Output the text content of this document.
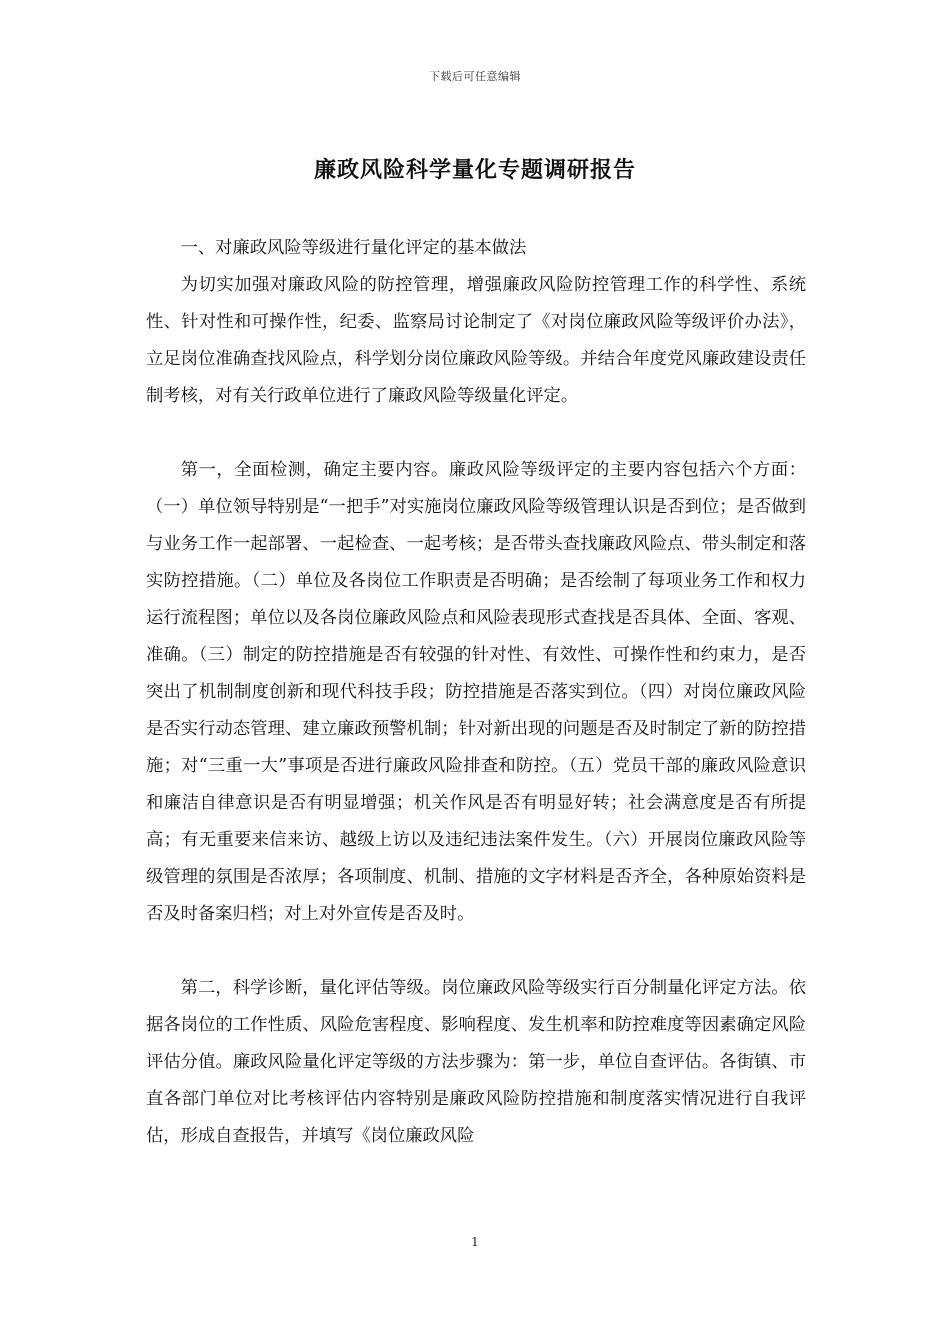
下载后可任意编辑
廉政风险科学量化专题调研报告

一、对廉政风险等级进行量化评定的基本做法

为切实加强对廉政风险的防控管理，增强廉政风险防控管理工作的科学性、系统性、针对性和可操作性，纪委、监察局讨论制定了《对岗位廉政风险等级评价办法》，立足岗位准确查找风险点，科学划分岗位廉政风险等级。并结合年度党风廉政建设责任制考核，对有关行政单位进行了廉政风险等级量化评定。

第一，全面检测，确定主要内容。廉政风险等级评定的主要内容包括六个方面：（一）单位领导特别是“一把手”对实施岗位廉政风险等级管理认识是否到位；是否做到与业务工作一起部署、一起检查、一起考核；是否带头查找廉政风险点、带头制定和落实防控措施。（二）单位及各岗位工作职责是否明确；是否绘制了每项业务工作和权力运行流程图；单位以及各岗位廉政风险点和风险表现形式查找是否具体、全面、客观、准确。（三）制定的防控措施是否有较强的针对性、有效性、可操作性和约束力，是否突出了机制制度创新和现代科技手段；防控措施是否落实到位。（四）对岗位廉政风险是否实行动态管理、建立廉政预警机制；针对新出现的问题是否及时制定了新的防控措施；对“三重一大”事项是否进行廉政风险排查和防控。（五）党员干部的廉政风险意识和廉洁自律意识是否有明显增强；机关作风是否有明显好转；社会满意度是否有所提高；有无重要来信来访、越级上访以及违纪违法案件发生。（六）开展岗位廉政风险等级管理的氛围是否浓厚；各项制度、机制、措施的文字材料是否齐全，各种原始资料是否及时备案归档；对上对外宣传是否及时。

第二，科学诊断，量化评估等级。岗位廉政风险等级实行百分制量化评定方法。依据各岗位的工作性质、风险危害程度、影响程度、发生机率和防控难度等因素确定风险评估分值。廉政风险量化评定等级的方法步骤为：第一步，单位自查评估。各街镇、市直各部门单位对比考核评估内容特别是廉政风险防控措施和制度落实情况进行自我评估，形成自查报告，并填写《岗位廉政风险

1
